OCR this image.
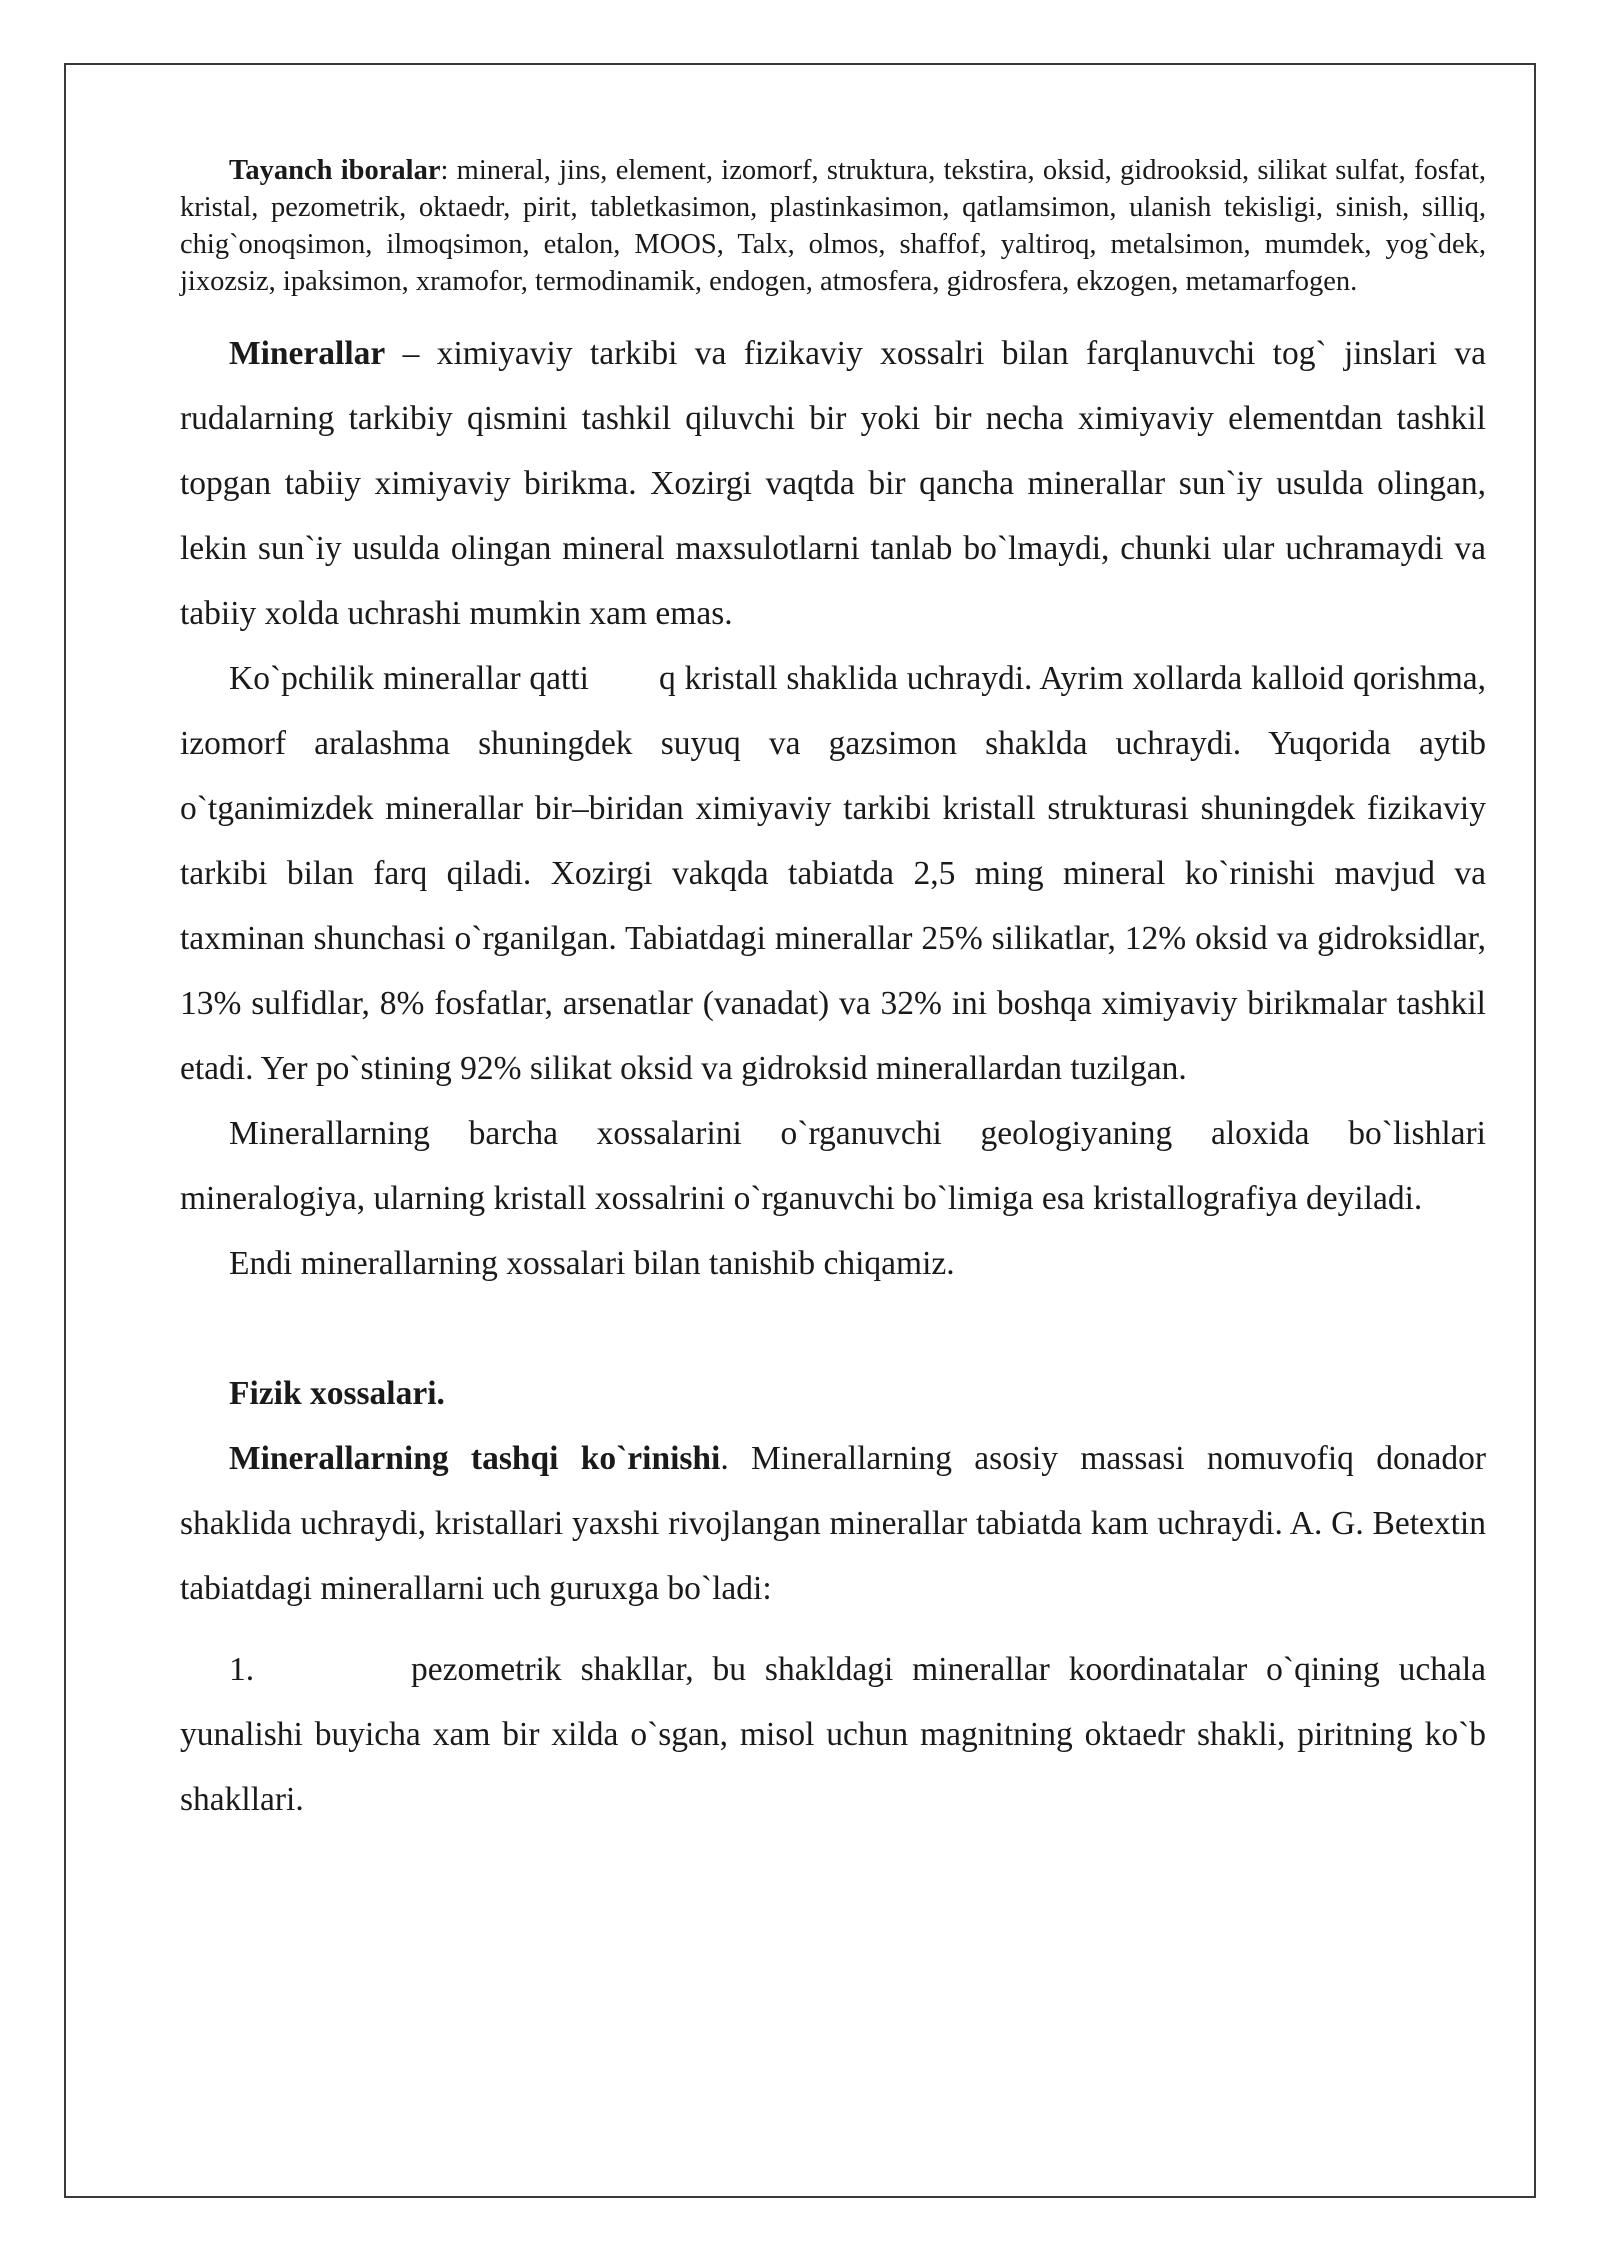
Tayanch iboralar: mineral, jins, element, izomorf, struktura, tekstira, oksid, gidrooksid, silikat sulfat, fosfat, kristal, pezometrik, oktaedr, pirit, tabletkasimon, plastinkasimon, qatlamsimon, ulanish tekisligi, sinish, silliq, chig`onoqsimon, ilmoqsimon, etalon, MOOS, Talx, olmos, shaffof, yaltiroq, metalsimon, mumdek, yog`dek, jixozsiz, ipaksimon, xramofor, termodinamik, endogen, atmosfera, gidrosfera, ekzogen, metamarfogen.

Minerallar – ximiyaviy tarkibi va fizikaviy xossalri bilan farqlanuvchi tog` jinslari va rudalarning tarkibiy qismini tashkil qiluvchi bir yoki bir necha ximiyaviy elementdan tashkil topgan tabiiy ximiyaviy birikma. Xozirgi vaqtda bir qancha minerallar sun`iy usulda olingan, lekin sun`iy usulda olingan mineral maxsulotlarni tanlab bo`lmaydi, chunki ular uchramaydi va tabiiy xolda uchrashi mumkin xam emas.

Ko`pchilik minerallar qatti q kristall shaklida uchraydi. Ayrim xollarda kalloid qorishma, izomorf aralashma shuningdek suyuq va gazsimon shaklda uchraydi. Yuqorida aytib o`tganimizdek minerallar bir–biridan ximiyaviy tarkibi kristall strukturasi shuningdek fizikaviy tarkibi bilan farq qiladi. Xozirgi vakqda tabiatda 2,5 ming mineral ko`rinishi mavjud va taxminan shunchasi o`rganilgan. Tabiatdagi minerallar 25% silikatlar, 12% oksid va gidroksidlar, 13% sulfidlar, 8% fosfatlar, arsenatlar (vanadat) va 32% ini boshqa ximiyaviy birikmalar tashkil etadi. Yer po`stining 92% silikat oksid va gidroksid minerallardan tuzilgan.

Minerallarning barcha xossalarini o`rganuvchi geologiyaning aloxida bo`lishlari mineralogiya, ularning kristall xossalrini o`rganuvchi bo`limiga esa kristallografiya deyiladi.

Endi minerallarning xossalari bilan tanishib chiqamiz.

Fizik xossalari.

Minerallarning tashqi ko`rinishi. Minerallarning asosiy massasi nomuvofiq donador shaklida uchraydi, kristallari yaxshi rivojlangan minerallar tabiatda kam uchraydi. A. G. Betextin tabiatdagi minerallarni uch guruxga bo`ladi:

1.	pezometrik shakllar, bu shakldagi minerallar koordinatalar o`qining uchala yunalishi buyicha xam bir xilda o`sgan, misol uchun magnitning oktaedr shakli, piritning ko`b shakllari.
